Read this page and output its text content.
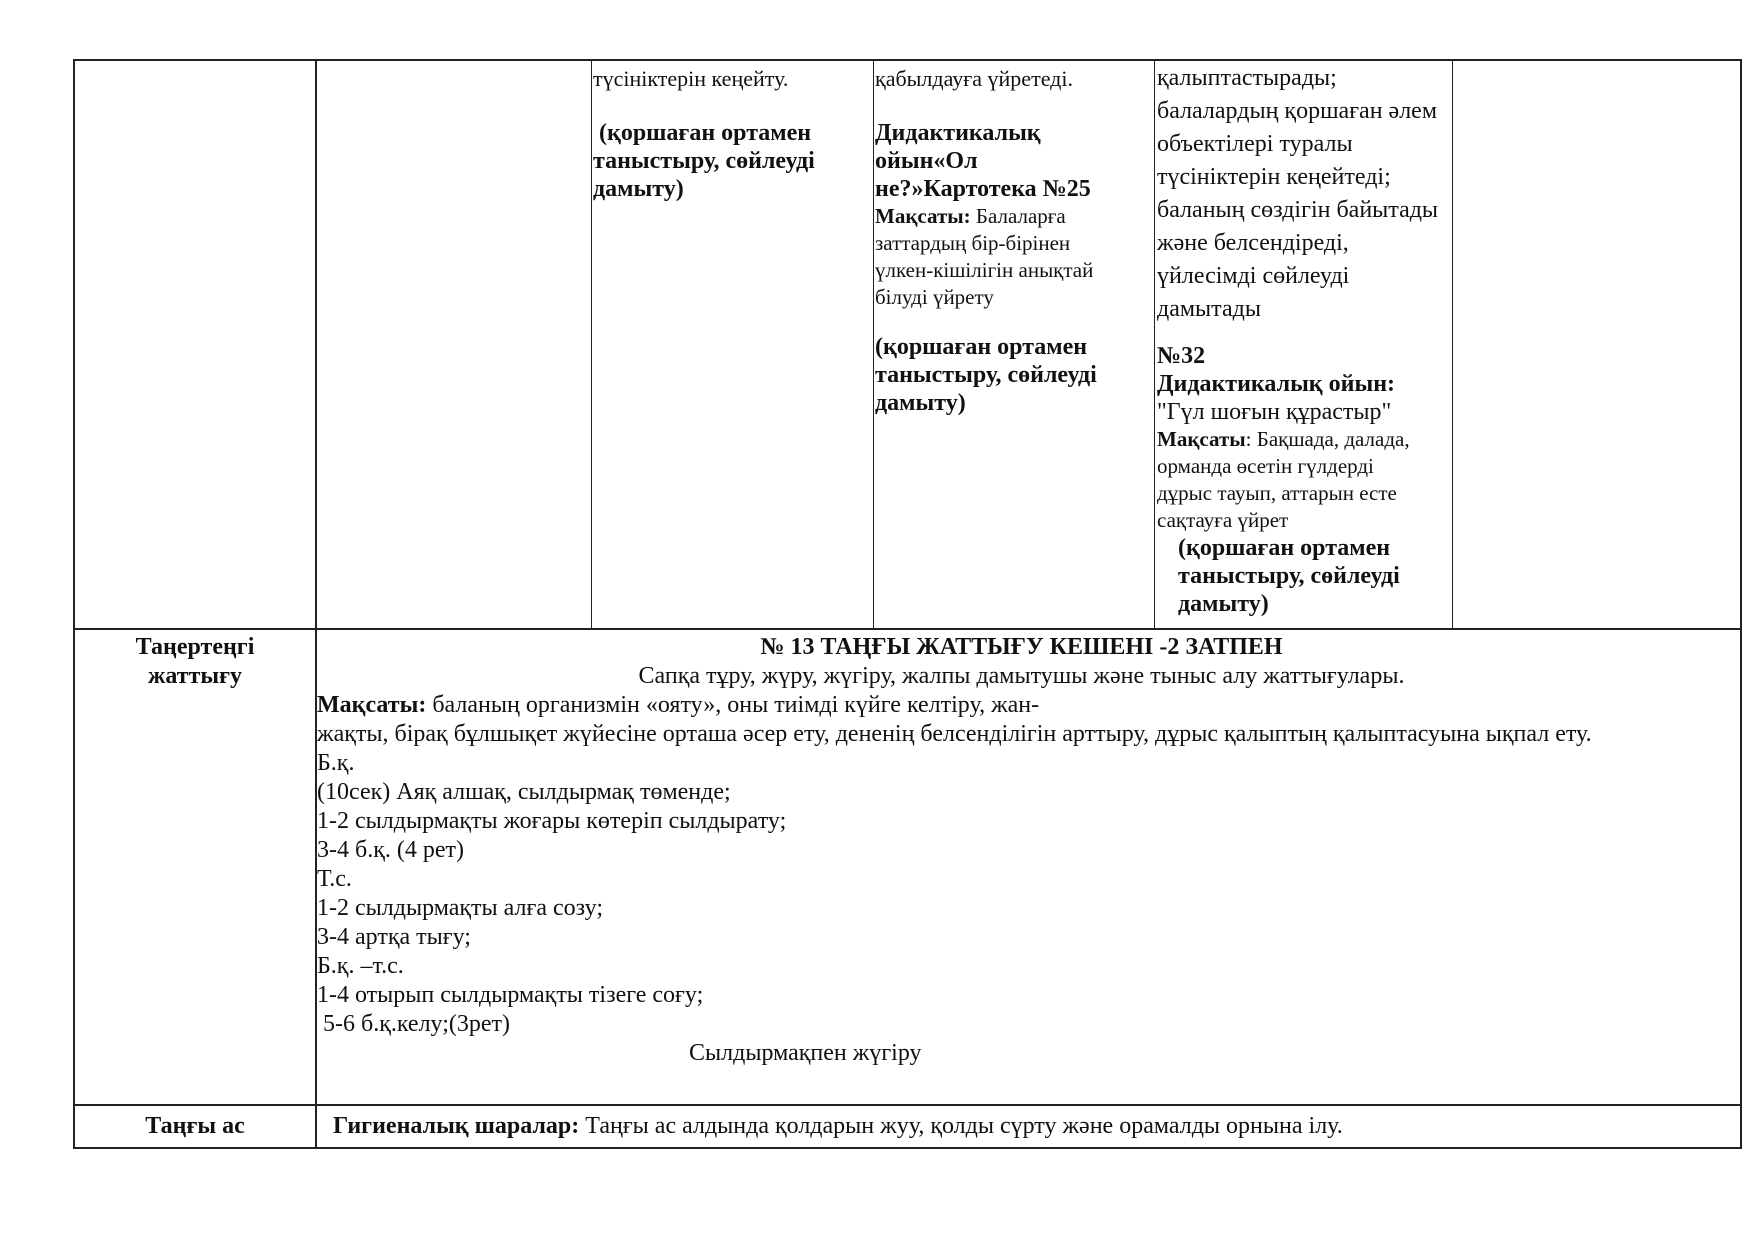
түсініктерін кеңейту.
(қоршаған ортамен
таныстыру, сөйлеуді
дамыту)
қабылдауға үйретеді.
Дидактикалық
ойын«Ол
не?»Картотека №25
Мақсаты: Балаларға
заттардың бір-бірінен
үлкен-кішілігін анықтай
білуді үйрету
(қоршаған ортамен
таныстыру, сөйлеуді
дамыту)
қалыптастырады;
балалардың қоршаған әлем
объектілері туралы
түсініктерін кеңейтеді;
баланың сөздігін байытады
және белсендіреді,
үйлесімді сөйлеуді
дамытады
№32
Дидактикалық ойын:
"Гүл шоғын құрастыр"
Мақсаты: Бақшада, далада,
орманда өсетін гүлдерді
дұрыс тауып, аттарын есте
сақтауға үйрет
(қоршаған ортамен
таныстыру, сөйлеуді
дамыту)
Таңертеңгі
жаттығу
№ 13 ТАҢҒЫ ЖАТТЫҒУ КЕШЕНІ -2 ЗАТПЕН
Сапқа тұру, жүру, жүгіру, жалпы дамытушы және тыныс алу жаттығулары.
Мақсаты: баланың организмін «ояту», оны тиімді күйге келтіру, жан-
жақты, бірақ бұлшықет жүйесіне орташа әсер ету, дененің белсенділігін арттыру, дұрыс қалыптың қалыптасуына ықпал ету.
Б.қ.
(10сек) Аяқ алшақ, сылдырмақ төменде;
1-2 сылдырмақты жоғары көтеріп сылдырату;
3-4 б.қ. (4 рет)
Т.с.
1-2 сылдырмақты алға созу;
3-4 артқа тығу;
Б.қ. –т.с.
1-4 отырып сылдырмақты тізеге соғу;
5-6 б.қ.келу;(3рет)
Сылдырмақпен жүгіру
Таңғы ас	Гигиеналық шаралар: Таңғы ас алдында қолдарын жуу, қолды сүрту және орамалды орнына ілу.
